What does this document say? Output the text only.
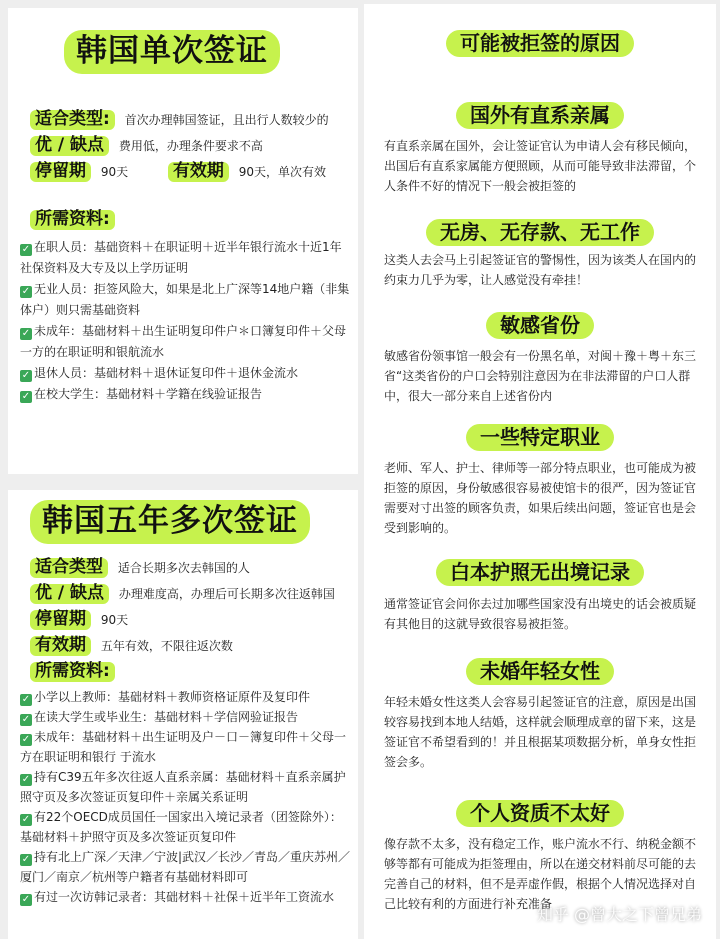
韩国单次签证
适合类型: 首次办理韩国签证，且出行人数较少的
优 / 缺点 费用低，办理条件要求不高
停留期 90天	有效期 90天，单次有效
所需资料:
✓ 在职人员：基础资料＋在职证明＋近半年银行流水十近1年社保资料及大专及以上学历证明
✓ 无业人员：拒签风险大，如果是北上广深等14地户籍（非集体户）则只需基础资料
✓ 未成年：基础材料＋出生证明复印件户＊口簿复印件＋父母一方的在职证明和银航流水
✓ 退休人员：基础材料＋退休证复印件＋退休金流水
✓ 在校大学生：基础材料＋学籍在线验证报告
韩国五年多次签证
适合类型 适合长期多次去韩国的人
优 / 缺点 办理难度高，办理后可长期多次往返韩国
停留期 90天
有效期 五年有效，不限往返次数
所需资料:
✓ 小学以上教师：基础材料＋教师资格证原件及复印件
✓ 在读大学生或毕业生：基础材料＋学信网验证报告
✓ 未成年：基础材料＋出生证明及户－口－簿复印件＋父母一方在职证明和银行 于流水
✓ 持有C39五年多次往返人直系亲属：基础材料＋直系亲属护照守页及多次签证页复印件＋亲属关系证明
✓ 有22个OECD成员国任一国家出入境记录者（团签除外）：基础材料＋护照守页及多次签证页复印件
✓ 持有北上广深／天津／宁波|武汉／长沙／青岛／重庆苏州／厦门／南京／杭州等户籍者有基础材料即可
✓ 有过一次访韩记录者：其础材料＋社保＋近半年工资流水
可能被拒签的原因
国外有直系亲属
有直系亲属在国外，会让签证官认为申请人会有移民倾向，出国后有直系家属能方便照顾，从而可能导致非法滞留，个人条件不好的情况下一般会被拒签的
无房、无存款、无工作
这类人去会马上引起签证官的警惕性，因为该类人在国内的约束力几乎为零，让人感觉没有牵挂！
敏感省份
敏感省份领事馆一般会有一份黑名单，对闽＋豫＋粤＋东三省“这类省份的户口会特别注意因为在非法滞留的户口人群中，很大一部分来自上述省份内
一些特定职业
老师、军人、护士、律师等一部分特点职业，也可能成为被拒签的原因，身份敏感很容易被使馆卡的很严，因为签证官需要对寸出签的顾客负责，如果后续出问题，签证官也是会受到影响的。
白本护照无出境记录
通常签证官会问你去过加哪些国家没有出境史的话会被质疑有其他目的这就导致很容易被拒签。
未婚年轻女性
年轻未婚女性这类人会容易引起签证官的注意，原因是出国较容易找到本地人结婚，这样就会顺理成章的留下来，这是签证官不希望看到的！并且根据某项数据分析，单身女性拒签会多。
个人资质不太好
像存款不太多，没有稳定工作，账户流水不行、纳税金额不够等都有可能成为拒签理由，所以在递交材料前尽可能的去完善自己的材料，但不是弄虚作假，根据个人情况选择对自己比较有利的方面进行补充准备
知乎 @曾大之下曾兄弟
